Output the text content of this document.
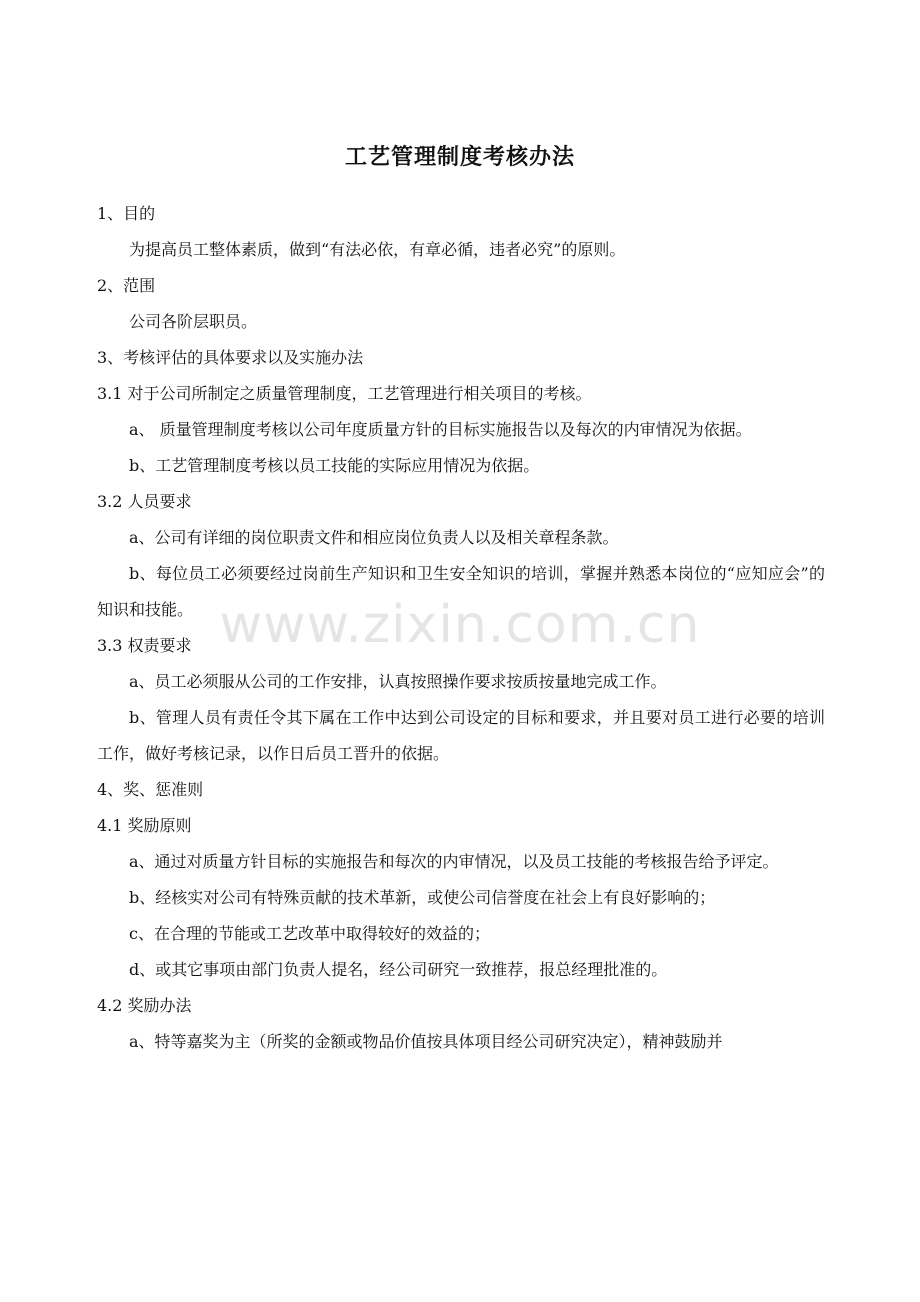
工艺管理制度考核办法

1、目的

为提高员工整体素质，做到“有法必依，有章必循，违者必究”的原则。

2、范围

公司各阶层职员。

3、考核评估的具体要求以及实施办法

3.1 对于公司所制定之质量管理制度，工艺管理进行相关项目的考核。

a、 质量管理制度考核以公司年度质量方针的目标实施报告以及每次的内审情况为依据。

b、工艺管理制度考核以员工技能的实际应用情况为依据。

3.2 人员要求

a、公司有详细的岗位职责文件和相应岗位负责人以及相关章程条款。

b、每位员工必须要经过岗前生产知识和卫生安全知识的培训，掌握并熟悉本岗位的“应知应会”的知识和技能。

3.3 权责要求

a、员工必须服从公司的工作安排，认真按照操作要求按质按量地完成工作。

b、管理人员有责任令其下属在工作中达到公司设定的目标和要求，并且要对员工进行必要的培训工作，做好考核记录，以作日后员工晋升的依据。

4、奖、惩准则

4.1 奖励原则

a、通过对质量方针目标的实施报告和每次的内审情况，以及员工技能的考核报告给予评定。

b、经核实对公司有特殊贡献的技术革新，或使公司信誉度在社会上有良好影响的；

c、在合理的节能或工艺改革中取得较好的效益的；

d、或其它事项由部门负责人提名，经公司研究一致推荐，报总经理批准的。

4.2 奖励办法

a、特等嘉奖为主（所奖的金额或物品价值按具体项目经公司研究决定），精神鼓励并

www.zixin.com.cn
